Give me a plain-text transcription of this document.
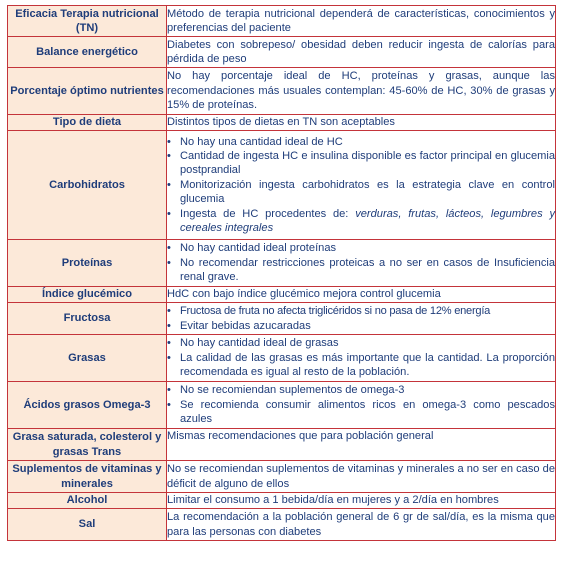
Eficacia Terapia nutricional (TN)	Método de terapia nutricional dependerá de características, conocimientos y preferencias del paciente
Balance energético	Diabetes con sobrepeso/ obesidad deben reducir ingesta de calorías para pérdida de peso
Porcentaje óptimo nutrientes	No hay porcentaje ideal de HC, proteínas y grasas, aunque las recomendaciones más usuales contemplan: 45-60% de HC, 30% de grasas y 15% de proteínas.
Tipo de dieta	Distintos tipos de dietas en TN son aceptables
Carbohidratos	• No hay una cantidad ideal de HC
• Cantidad de ingesta HC e insulina disponible es factor principal en glucemia postprandial
• Monitorización ingesta carbohidratos es la estrategia clave en control glucemia
• Ingesta de HC procedentes de: verduras, frutas, lácteos, legumbres y cereales integrales

Proteínas	• No hay cantidad ideal proteínas
• No recomendar restricciones proteicas a no ser en casos de Insuficiencia renal grave.

Índice glucémico	HdC con bajo índice glucémico mejora control glucemia
Fructosa	• Fructosa de fruta no afecta triglicéridos si no pasa de 12% energía
• Evitar bebidas azucaradas

Grasas	• No hay cantidad ideal de grasas
• La calidad de las grasas es más importante que la cantidad. La proporción recomendada es igual al resto de la población.

Ácidos grasos Omega-3	• No se recomiendan suplementos de omega-3
• Se recomienda consumir alimentos ricos en omega-3 como pescados azules

Grasa saturada, colesterol y grasas Trans	Mismas recomendaciones que para población general
Suplementos de vitaminas y minerales	No se recomiendan suplementos de vitaminas y minerales a no ser en caso de déficit de alguno de ellos
Alcohol	Limitar el consumo a 1 bebida/día en mujeres y a 2/día en hombres
Sal	La recomendación a la población general de 6 gr de sal/día, es la misma que para las personas con diabetes
